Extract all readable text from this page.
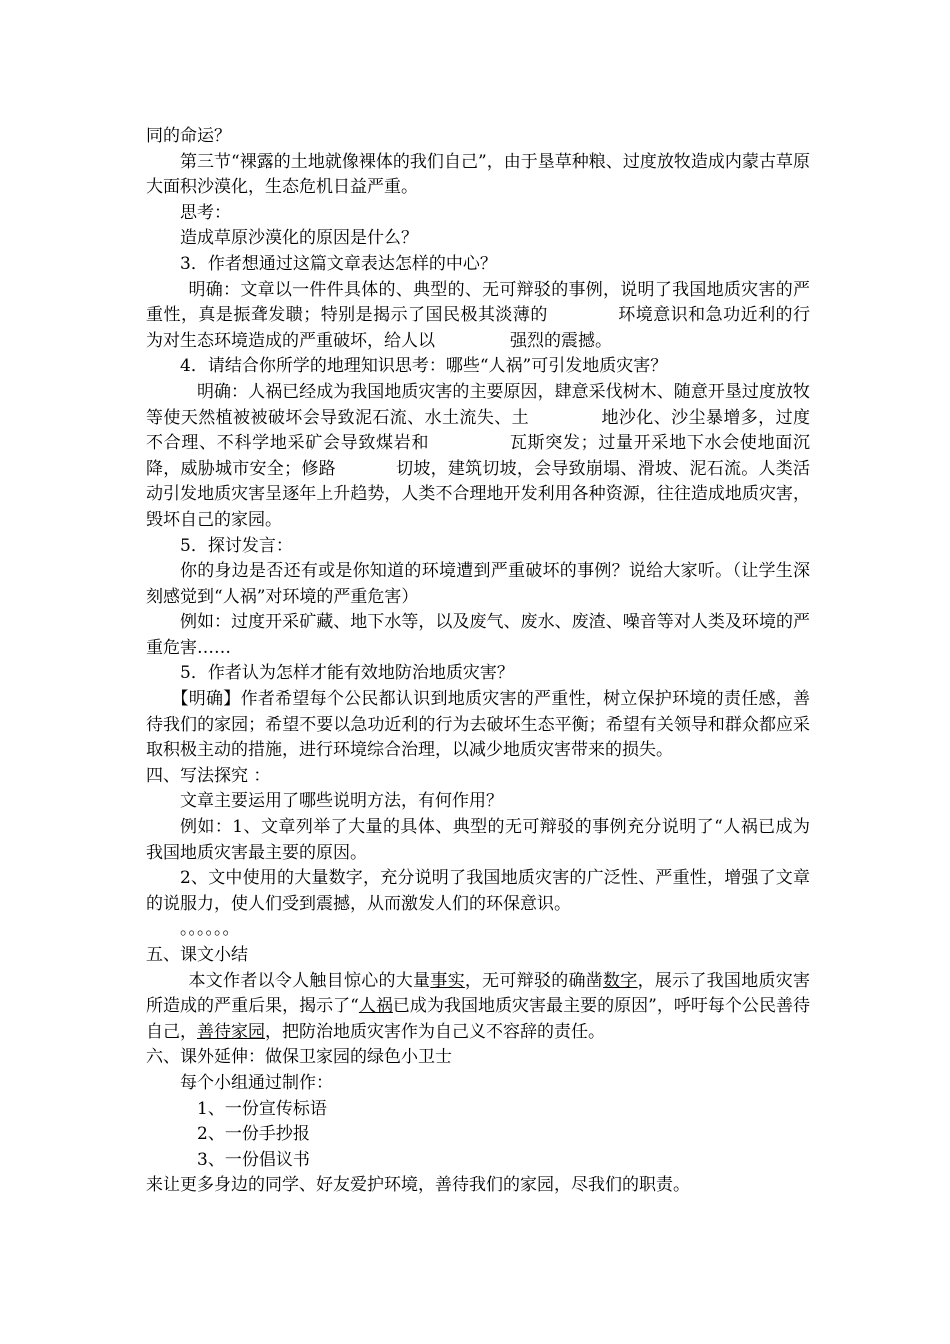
同的命运？

第三节“裸露的土地就像裸体的我们自己”，由于垦草种粮、过度放牧造成内蒙古草原大面积沙漠化，生态危机日益严重。

思考：

造成草原沙漠化的原因是什么？

3．作者想通过这篇文章表达怎样的中心？

明确：文章以一件件具体的、典型的、无可辩驳的事例，说明了我国地质灾害的严重性，真是振聋发聩；特别是揭示了国民极其淡薄的	环境意识和急功近利的行为对生态环境造成的严重破坏，给人以	强烈的震撼。

4．请结合你所学的地理知识思考：哪些“人祸”可引发地质灾害？

明确：人祸已经成为我国地质灾害的主要原因，肆意采伐树木、随意开垦过度放牧等使天然植被被破坏会导致泥石流、水土流失、土	地沙化、沙尘暴增多，过度不合理、不科学地采矿会导致煤岩和	瓦斯突发；过量开采地下水会使地面沉降，威胁城市安全；修路	切坡，建筑切坡，会导致崩塌、滑坡、泥石流。人类活动引发地质灾害呈逐年上升趋势，人类不合理地开发利用各种资源，往往造成地质灾害，毁坏自己的家园。

5．探讨发言：

你的身边是否还有或是你知道的环境遭到严重破坏的事例？说给大家听。（让学生深刻感觉到“人祸”对环境的严重危害）

例如：过度开采矿藏、地下水等，以及废气、废水、废渣、噪音等对人类及环境的严重危害……

5．作者认为怎样才能有效地防治地质灾害？

【明确】作者希望每个公民都认识到地质灾害的严重性，树立保护环境的责任感，善待我们的家园；希望不要以急功近利的行为去破坏生态平衡；希望有关领导和群众都应采取积极主动的措施，进行环境综合治理，以减少地质灾害带来的损失。

四、写法探究 ：

文章主要运用了哪些说明方法，有何作用？

例如：1、文章列举了大量的具体、典型的无可辩驳的事例充分说明了“人祸已成为我国地质灾害最主要的原因。

2、文中使用的大量数字，充分说明了我国地质灾害的广泛性、严重性，增强了文章的说服力，使人们受到震撼，从而激发人们的环保意识。

。。。。。。

五、课文小结

本文作者以令人触目惊心的大量事实，无可辩驳的确凿数字，展示了我国地质灾害所造成的严重后果，揭示了“人祸已成为我国地质灾害最主要的原因”，呼吁每个公民善待自己，善待家园，把防治地质灾害作为自己义不容辞的责任。

六、课外延伸：做保卫家园的绿色小卫士

每个小组通过制作：

1、一份宣传标语

2、一份手抄报

3、一份倡议书

来让更多身边的同学、好友爱护环境，善待我们的家园，尽我们的职责。
